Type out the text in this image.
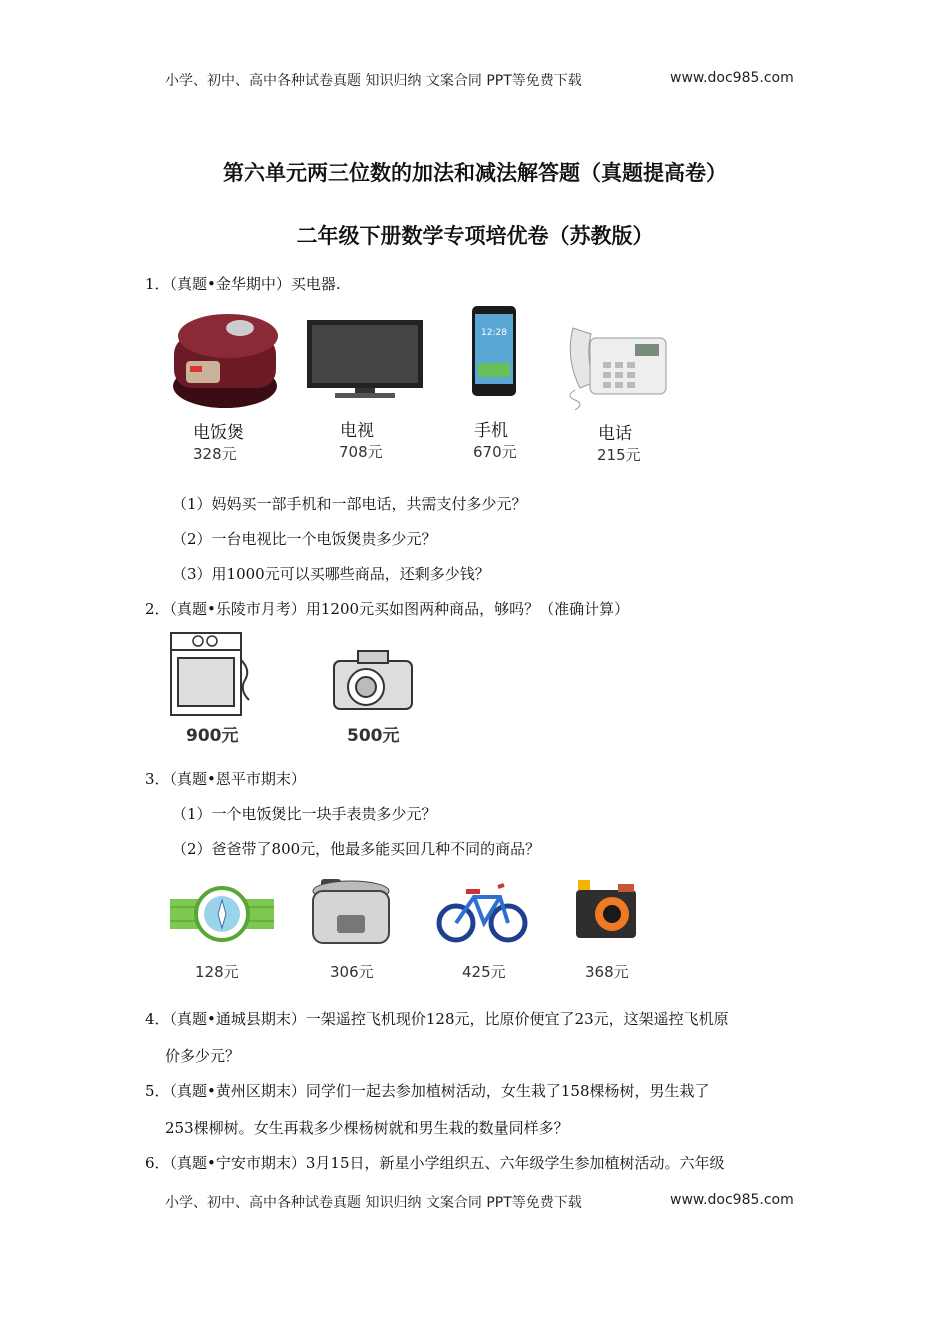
小学、初中、高中各种试卷真题 知识归纳 文案合同 PPT等免费下载	www.doc985.com
第六单元两三位数的加法和减法解答题（真题提高卷）
二年级下册数学专项培优卷（苏教版）
1．（真题•金华期中）买电器.
12:28
电饭煲
328元
电视
708元
手机
670元
电话
215元
（1）妈妈买一部手机和一部电话，共需支付多少元？
（2）一台电视比一个电饭煲贵多少元？
（3）用1000元可以买哪些商品，还剩多少钱？
2．（真题•乐陵市月考）用1200元买如图两种商品，够吗？（准确计算）
900元	500元
3．（真题•恩平市期末）
（1）一个电饭煲比一块手表贵多少元？
（2）爸爸带了800元，他最多能买回几种不同的商品？
128元	306元	425元	368元
4．（真题•通城县期末）一架遥控飞机现价128元，比原价便宜了23元，这架遥控飞机原
价多少元？
5．（真题•黄州区期末）同学们一起去参加植树活动，女生栽了158棵杨树，男生栽了
253棵柳树。女生再栽多少棵杨树就和男生栽的数量同样多？
6．（真题•宁安市期末）3月15日，新星小学组织五、六年级学生参加植树活动。六年级
小学、初中、高中各种试卷真题 知识归纳 文案合同 PPT等免费下载	www.doc985.com
